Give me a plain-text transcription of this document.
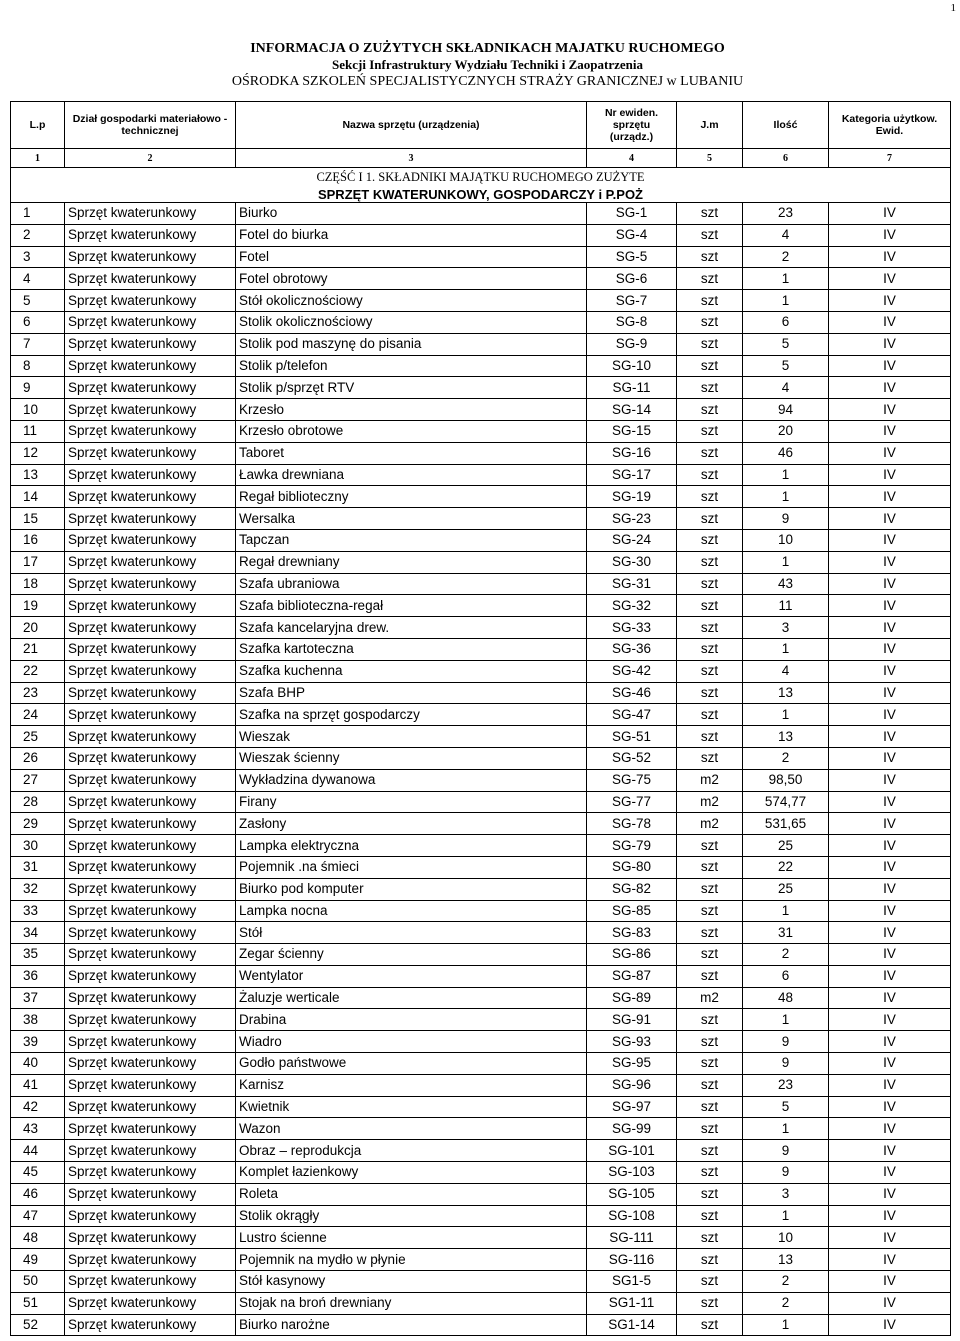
1
INFORMACJA O ZUŻYTYCH SKŁADNIKACH MAJATKU RUCHOMEGO
Sekcji Infrastruktury Wydziału Techniki i Zaopatrzenia
OŚRODKA SZKOLEŃ SPECJALISTYCZNYCH STRAŻY GRANICZNEJ w LUBANIU
L.p	Dział gospodarki materiałowo - technicznej	Nazwa sprzętu (urządzenia)	Nr ewiden. sprzętu (urządz.)	J.m	Ilość	Kategoria użytkow. Ewid.
1	2	3	4	5	6	7
CZĘŚĆ I 1. SKŁADNIKI MAJĄTKU RUCHOMEGO ZUŻYTE						
SPRZĘT KWATERUNKOWY, GOSPODARCZY i P.POŻ						
1	Sprzęt kwaterunkowy	Biurko	SG-1	szt	23	IV
2	Sprzęt kwaterunkowy	Fotel do biurka	SG-4	szt	4	IV
3	Sprzęt kwaterunkowy	Fotel	SG-5	szt	2	IV
4	Sprzęt kwaterunkowy	Fotel obrotowy	SG-6	szt	1	IV
5	Sprzęt kwaterunkowy	Stół okolicznościowy	SG-7	szt	1	IV
6	Sprzęt kwaterunkowy	Stolik okolicznościowy	SG-8	szt	6	IV
7	Sprzęt kwaterunkowy	Stolik pod maszynę do pisania	SG-9	szt	5	IV
8	Sprzęt kwaterunkowy	Stolik p/telefon	SG-10	szt	5	IV
9	Sprzęt kwaterunkowy	Stolik p/sprzęt RTV	SG-11	szt	4	IV
10	Sprzęt kwaterunkowy	Krzesło	SG-14	szt	94	IV
11	Sprzęt kwaterunkowy	Krzesło obrotowe	SG-15	szt	20	IV
12	Sprzęt kwaterunkowy	Taboret	SG-16	szt	46	IV
13	Sprzęt kwaterunkowy	Ławka drewniana	SG-17	szt	1	IV
14	Sprzęt kwaterunkowy	Regał biblioteczny	SG-19	szt	1	IV
15	Sprzęt kwaterunkowy	Wersalka	SG-23	szt	9	IV
16	Sprzęt kwaterunkowy	Tapczan	SG-24	szt	10	IV
17	Sprzęt kwaterunkowy	Regał drewniany	SG-30	szt	1	IV
18	Sprzęt kwaterunkowy	Szafa ubraniowa	SG-31	szt	43	IV
19	Sprzęt kwaterunkowy	Szafa biblioteczna-regał	SG-32	szt	11	IV
20	Sprzęt kwaterunkowy	Szafa kancelaryjna drew.	SG-33	szt	3	IV
21	Sprzęt kwaterunkowy	Szafka kartoteczna	SG-36	szt	1	IV
22	Sprzęt kwaterunkowy	Szafka kuchenna	SG-42	szt	4	IV
23	Sprzęt kwaterunkowy	Szafa BHP	SG-46	szt	13	IV
24	Sprzęt kwaterunkowy	Szafka na sprzęt gospodarczy	SG-47	szt	1	IV
25	Sprzęt kwaterunkowy	Wieszak	SG-51	szt	13	IV
26	Sprzęt kwaterunkowy	Wieszak ścienny	SG-52	szt	2	IV
27	Sprzęt kwaterunkowy	Wykładzina dywanowa	SG-75	m2	98,50	IV
28	Sprzęt kwaterunkowy	Firany	SG-77	m2	574,77	IV
29	Sprzęt kwaterunkowy	Zasłony	SG-78	m2	531,65	IV
30	Sprzęt kwaterunkowy	Lampka elektryczna	SG-79	szt	25	IV
31	Sprzęt kwaterunkowy	Pojemnik .na śmieci	SG-80	szt	22	IV
32	Sprzęt kwaterunkowy	Biurko pod komputer	SG-82	szt	25	IV
33	Sprzęt kwaterunkowy	Lampka nocna	SG-85	szt	1	IV
34	Sprzęt kwaterunkowy	Stół	SG-83	szt	31	IV
35	Sprzęt kwaterunkowy	Zegar ścienny	SG-86	szt	2	IV
36	Sprzęt kwaterunkowy	Wentylator	SG-87	szt	6	IV
37	Sprzęt kwaterunkowy	Żaluzje werticale	SG-89	m2	48	IV
38	Sprzęt kwaterunkowy	Drabina	SG-91	szt	1	IV
39	Sprzęt kwaterunkowy	Wiadro	SG-93	szt	9	IV
40	Sprzęt kwaterunkowy	Godło państwowe	SG-95	szt	9	IV
41	Sprzęt kwaterunkowy	Karnisz	SG-96	szt	23	IV
42	Sprzęt kwaterunkowy	Kwietnik	SG-97	szt	5	IV
43	Sprzęt kwaterunkowy	Wazon	SG-99	szt	1	IV
44	Sprzęt kwaterunkowy	Obraz – reprodukcja	SG-101	szt	9	IV
45	Sprzęt kwaterunkowy	Komplet łazienkowy	SG-103	szt	9	IV
46	Sprzęt kwaterunkowy	Roleta	SG-105	szt	3	IV
47	Sprzęt kwaterunkowy	Stolik okrągły	SG-108	szt	1	IV
48	Sprzęt kwaterunkowy	Lustro ścienne	SG-111	szt	10	IV
49	Sprzęt kwaterunkowy	Pojemnik na mydło w płynie	SG-116	szt	13	IV
50	Sprzęt kwaterunkowy	Stół kasynowy	SG1-5	szt	2	IV
51	Sprzęt kwaterunkowy	Stojak na broń drewniany	SG1-11	szt	2	IV
52	Sprzęt kwaterunkowy	Biurko narożne	SG1-14	szt	1	IV
